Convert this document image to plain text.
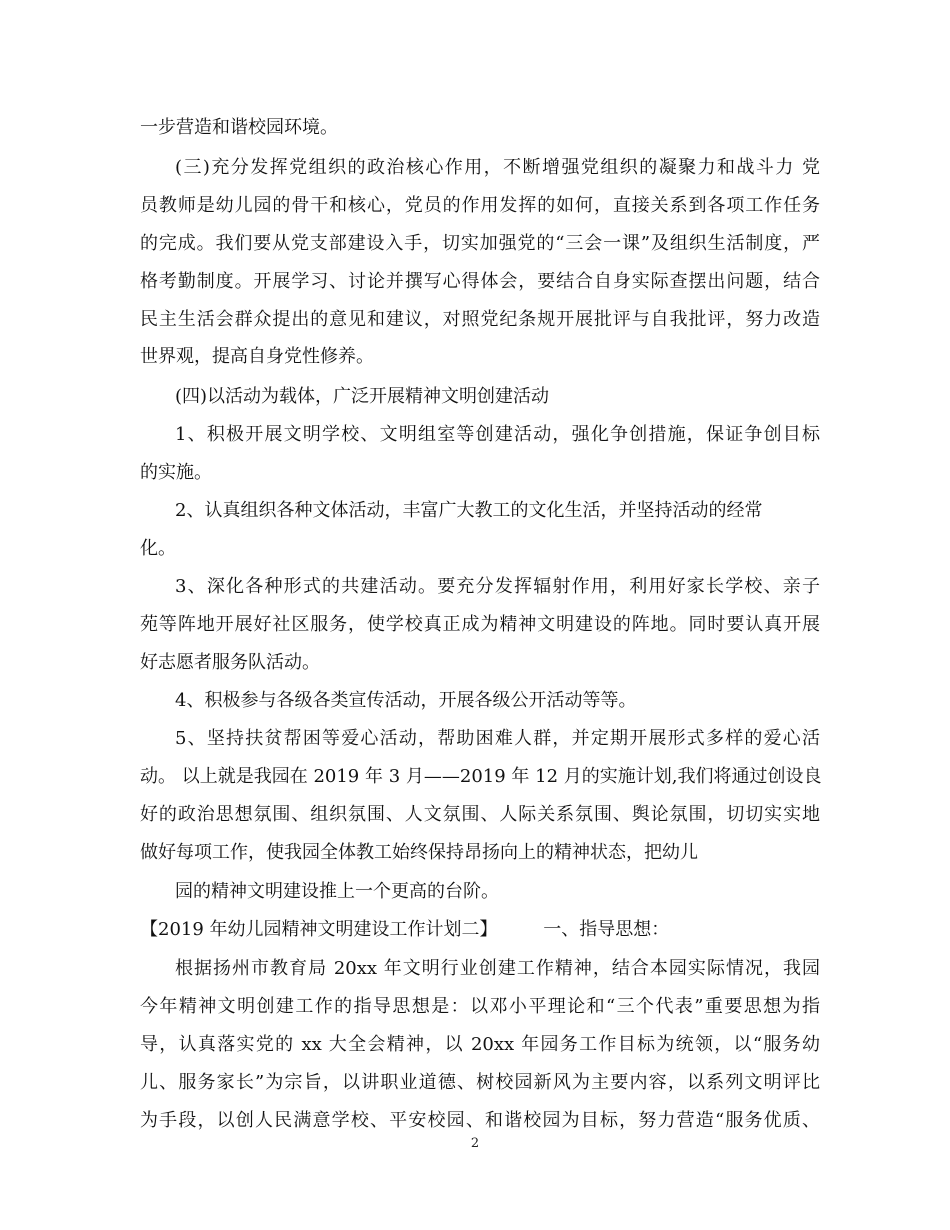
一步营造和谐校园环境。
(三)充分发挥党组织的政治核心作用，不断增强党组织的凝聚力和战斗力 党
员教师是幼儿园的骨干和核心，党员的作用发挥的如何，直接关系到各项工作任务
的完成。我们要从党支部建设入手，切实加强党的“三会一课”及组织生活制度，严
格考勤制度。开展学习、讨论并撰写心得体会，要结合自身实际查摆出问题，结合
民主生活会群众提出的意见和建议，对照党纪条规开展批评与自我批评，努力改造
世界观，提高自身党性修养。
(四)以活动为载体，广泛开展精神文明创建活动
1、积极开展文明学校、文明组室等创建活动，强化争创措施，保证争创目标
的实施。
2、认真组织各种文体活动，丰富广大教工的文化生活，并坚持活动的经常
化。
3、深化各种形式的共建活动。要充分发挥辐射作用，利用好家长学校、亲子
苑等阵地开展好社区服务，使学校真正成为精神文明建设的阵地。同时要认真开展
好志愿者服务队活动。
4、积极参与各级各类宣传活动，开展各级公开活动等等。
5、坚持扶贫帮困等爱心活动，帮助困难人群，并定期开展形式多样的爱心活
动。 以上就是我园在 2019 年 3 月——2019 年 12 月的实施计划,我们将通过创设良
好的政治思想氛围、组织氛围、人文氛围、人际关系氛围、舆论氛围，切切实实地
做好每项工作，使我园全体教工始终保持昂扬向上的精神状态，把幼儿
园的精神文明建设推上一个更高的台阶。
【2019 年幼儿园精神文明建设工作计划二】        一、指导思想：
根据扬州市教育局 20xx 年文明行业创建工作精神，结合本园实际情况，我园
今年精神文明创建工作的指导思想是：以邓小平理论和“三个代表”重要思想为指
导，认真落实党的 xx 大全会精神，以 20xx 年园务工作目标为统领，以“服务幼
儿、服务家长”为宗旨，以讲职业道德、树校园新风为主要内容，以系列文明评比
为手段，以创人民满意学校、平安校园、和谐校园为目标，努力营造“服务优质、
2
